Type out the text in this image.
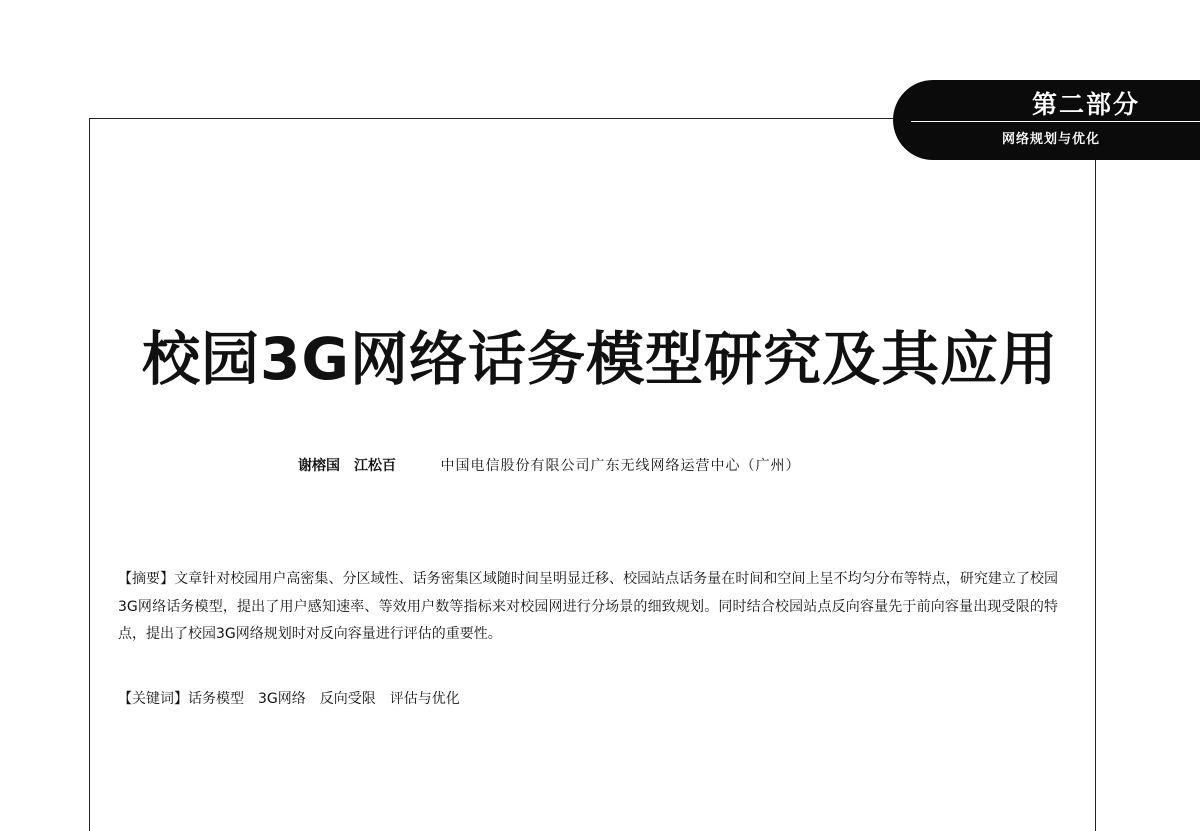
第二部分
网络规划与优化
校园3G网络话务模型研究及其应用
谢榕国　江松百	中国电信股份有限公司广东无线网络运营中心（广州）
【摘要】文章针对校园用户高密集、分区域性、话务密集区域随时间呈明显迁移、校园站点话务量在时间和空间上呈不均匀分布等特点，研究建立了校园3G网络话务模型，提出了用户感知速率、等效用户数等指标来对校园网进行分场景的细致规划。同时结合校园站点反向容量先于前向容量出现受限的特点，提出了校园3G网络规划时对反向容量进行评估的重要性。
【关键词】话务模型 3G网络 反向受限 评估与优化
